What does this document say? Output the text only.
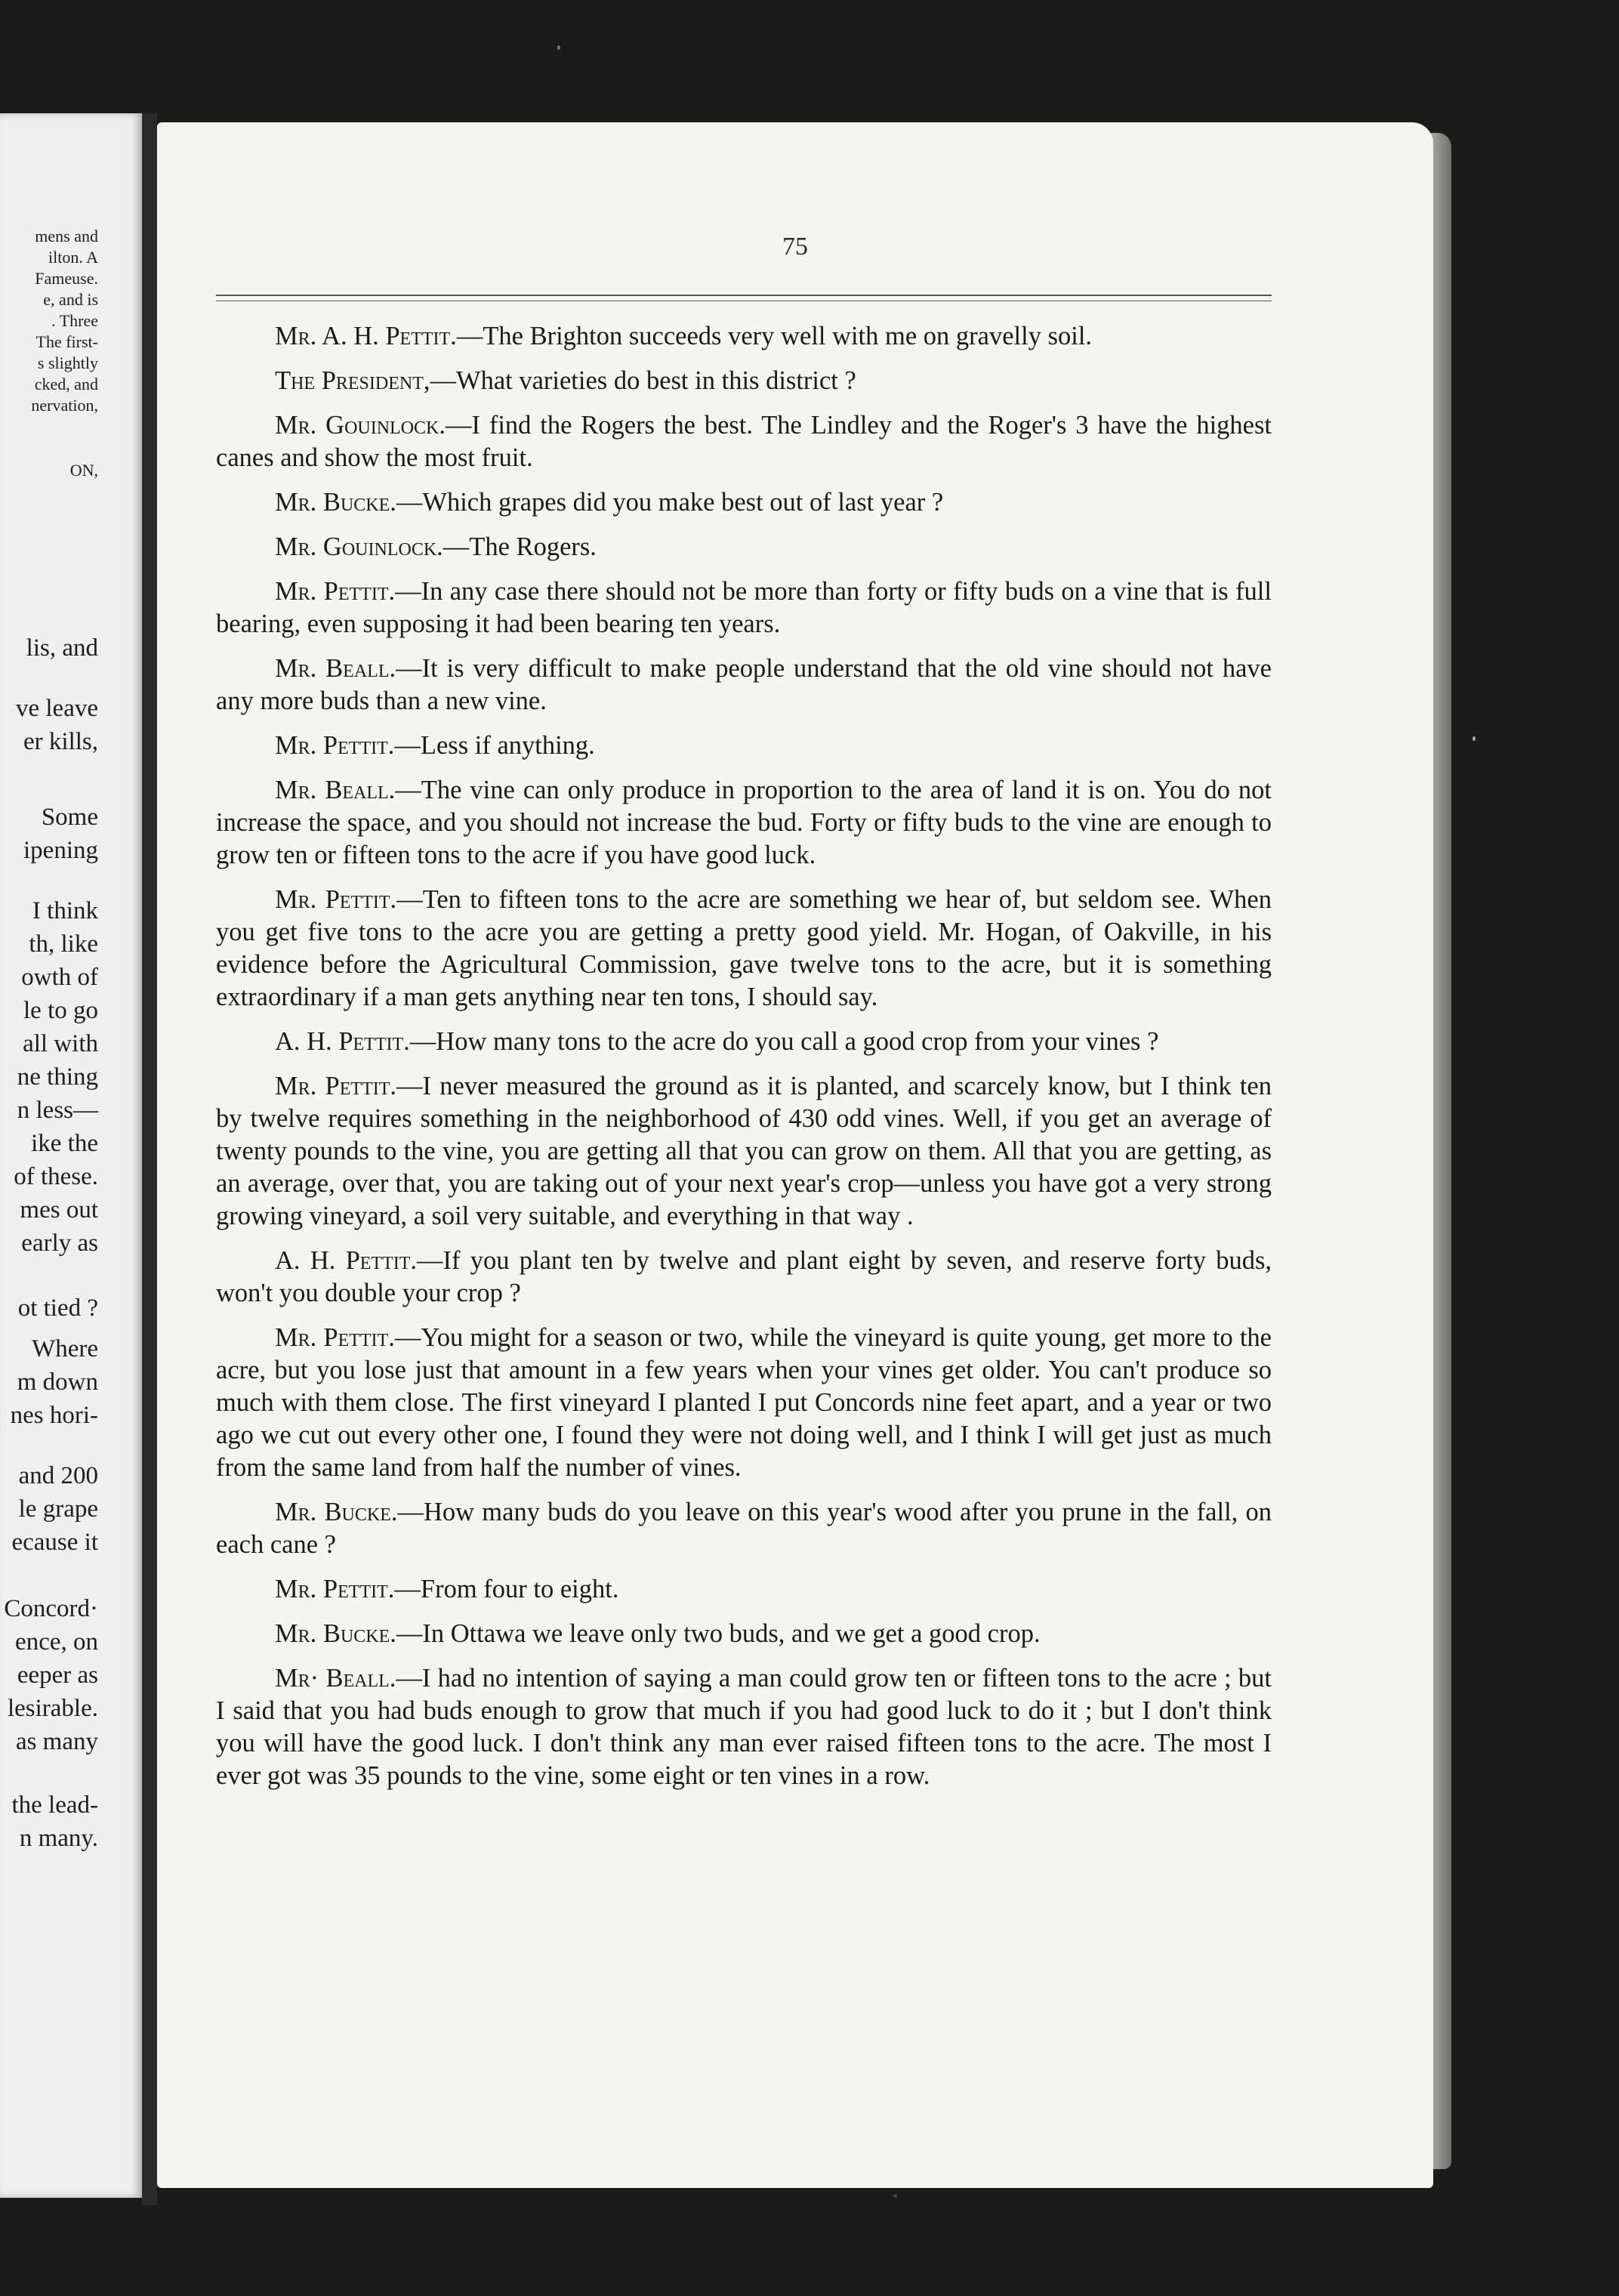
mens and
ilton. A
Fameuse.
e, and is
. Three
The first-
s slightly
cked, and
nervation,
ON,
lis, and
ve leave
er kills,
Some
ipening
I think
th, like
owth of
le to go
all with
ne thing
n less—
ike the
of these.
mes out
early as
ot tied ?
Where
m down
nes hori-
and 200
le grape
ecause it
Concord·
ence, on
eeper as
lesirable.
as many
the lead-
n many.
75

Mr. A. H. Pettit.—The Brighton succeeds very well with me on gravelly soil.

The President,—What varieties do best in this district ?

Mr. Gouinlock.—I find the Rogers the best. The Lindley and the Roger's 3 have the highest canes and show the most fruit.

Mr. Bucke.—Which grapes did you make best out of last year ?

Mr. Gouinlock.—The Rogers.

Mr. Pettit.—In any case there should not be more than forty or fifty buds on a vine that is full bearing, even supposing it had been bearing ten years.

Mr. Beall.—It is very difficult to make people understand that the old vine should not have any more buds than a new vine.

Mr. Pettit.—Less if anything.

Mr. Beall.—The vine can only produce in proportion to the area of land it is on. You do not increase the space, and you should not increase the bud. Forty or fifty buds to the vine are enough to grow ten or fifteen tons to the acre if you have good luck.

Mr. Pettit.—Ten to fifteen tons to the acre are something we hear of, but seldom see. When you get five tons to the acre you are getting a pretty good yield. Mr. Hogan, of Oakville, in his evidence before the Agricultural Commission, gave twelve tons to the acre, but it is something extraordinary if a man gets anything near ten tons, I should say.

A. H. Pettit.—How many tons to the acre do you call a good crop from your vines ?

Mr. Pettit.—I never measured the ground as it is planted, and scarcely know, but I think ten by twelve requires something in the neighborhood of 430 odd vines. Well, if you get an average of twenty pounds to the vine, you are getting all that you can grow on them. All that you are getting, as an average, over that, you are taking out of your next year's crop—unless you have got a very strong growing vineyard, a soil very suitable, and everything in that way .

A. H. Pettit.—If you plant ten by twelve and plant eight by seven, and reserve forty buds, won't you double your crop ?

Mr. Pettit.—You might for a season or two, while the vineyard is quite young, get more to the acre, but you lose just that amount in a few years when your vines get older. You can't produce so much with them close. The first vineyard I planted I put Concords nine feet apart, and a year or two ago we cut out every other one, I found they were not doing well, and I think I will get just as much from the same land from half the number of vines.

Mr. Bucke.—How many buds do you leave on this year's wood after you prune in the fall, on each cane ?

Mr. Pettit.—From four to eight.

Mr. Bucke.—In Ottawa we leave only two buds, and we get a good crop.

Mr· Beall.—I had no intention of saying a man could grow ten or fifteen tons to the acre ; but I said that you had buds enough to grow that much if you had good luck to do it ; but I don't think you will have the good luck. I don't think any man ever raised fifteen tons to the acre. The most I ever got was 35 pounds to the vine, some eight or ten vines in a row.
